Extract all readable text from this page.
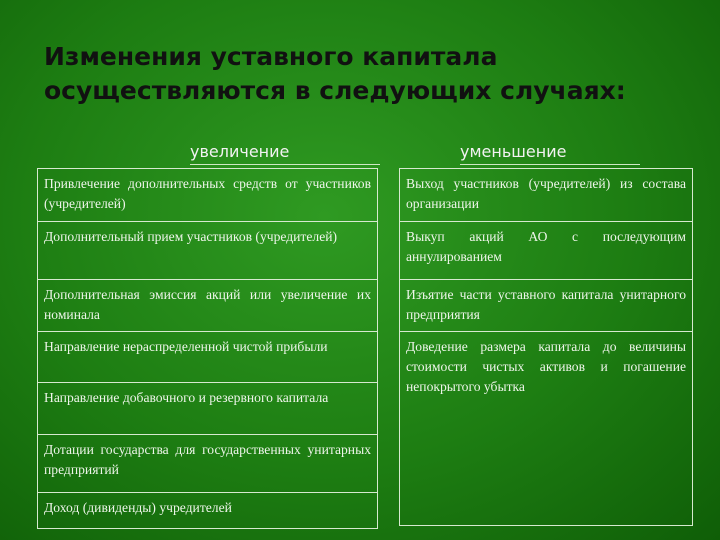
Изменения уставного капитала
осуществляются в следующих случаях:
увеличение	уменьшение
Привлечение дополнительных средств от участников (учредителей)
Дополнительный прием участников (учредителей)
Дополнительная эмиссия акций или увеличение их номинала
Направление нераспределенной чистой прибыли
Направление добавочного и резервного капитала
Дотации государства для государственных унитарных предприятий
Доход (дивиденды) учредителей
Выход участников (учредителей) из состава организации
Выкуп акций АО с последующим аннулированием
Изъятие части уставного капитала унитарного предприятия
Доведение размера капитала до величины стоимости чистых активов и погашение непокрытого убытка
